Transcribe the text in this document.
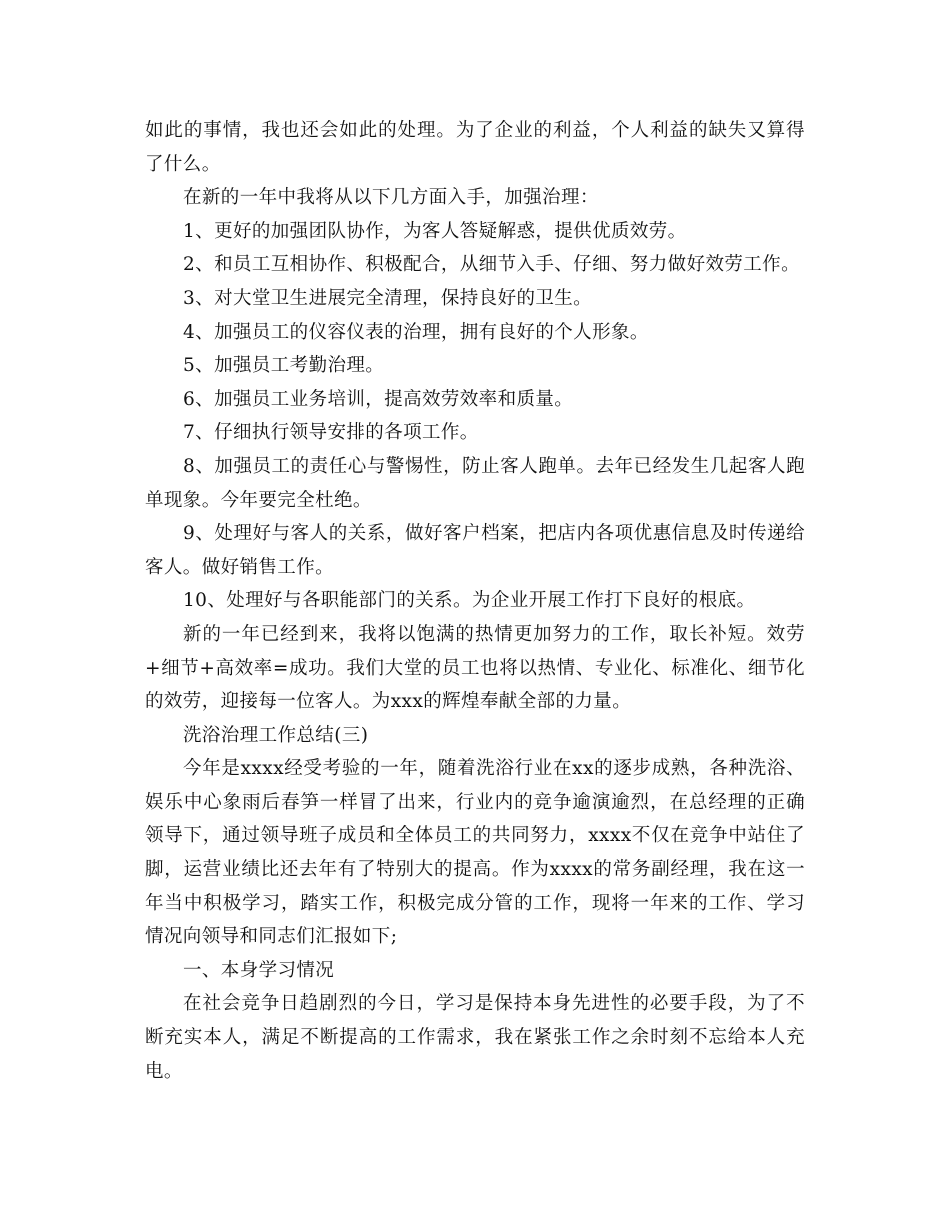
如此的事情，我也还会如此的处理。为了企业的利益，个人利益的缺失又算得了什么。

在新的一年中我将从以下几方面入手，加强治理：

1、更好的加强团队协作，为客人答疑解惑，提供优质效劳。

2、和员工互相协作、积极配合，从细节入手、仔细、努力做好效劳工作。

3、对大堂卫生进展完全清理，保持良好的卫生。

4、加强员工的仪容仪表的治理，拥有良好的个人形象。

5、加强员工考勤治理。

6、加强员工业务培训，提高效劳效率和质量。

7、仔细执行领导安排的各项工作。

8、加强员工的责任心与警惕性，防止客人跑单。去年已经发生几起客人跑单现象。今年要完全杜绝。

9、处理好与客人的关系，做好客户档案，把店内各项优惠信息及时传递给客人。做好销售工作。

10、处理好与各职能部门的关系。为企业开展工作打下良好的根底。

新的一年已经到来，我将以饱满的热情更加努力的工作，取长补短。效劳+细节+高效率=成功。我们大堂的员工也将以热情、专业化、标准化、细节化的效劳，迎接每一位客人。为xxx的辉煌奉献全部的力量。

洗浴治理工作总结(三)

今年是xxxx经受考验的一年，随着洗浴行业在xx的逐步成熟，各种洗浴、娱乐中心象雨后春笋一样冒了出来，行业内的竞争逾演逾烈，在总经理的正确领导下，通过领导班子成员和全体员工的共同努力，xxxx不仅在竞争中站住了脚，运营业绩比还去年有了特别大的提高。作为xxxx的常务副经理，我在这一年当中积极学习，踏实工作，积极完成分管的工作，现将一年来的工作、学习情况向领导和同志们汇报如下;

一、本身学习情况

在社会竞争日趋剧烈的今日，学习是保持本身先进性的必要手段，为了不断充实本人，满足不断提高的工作需求，我在紧张工作之余时刻不忘给本人充电。
